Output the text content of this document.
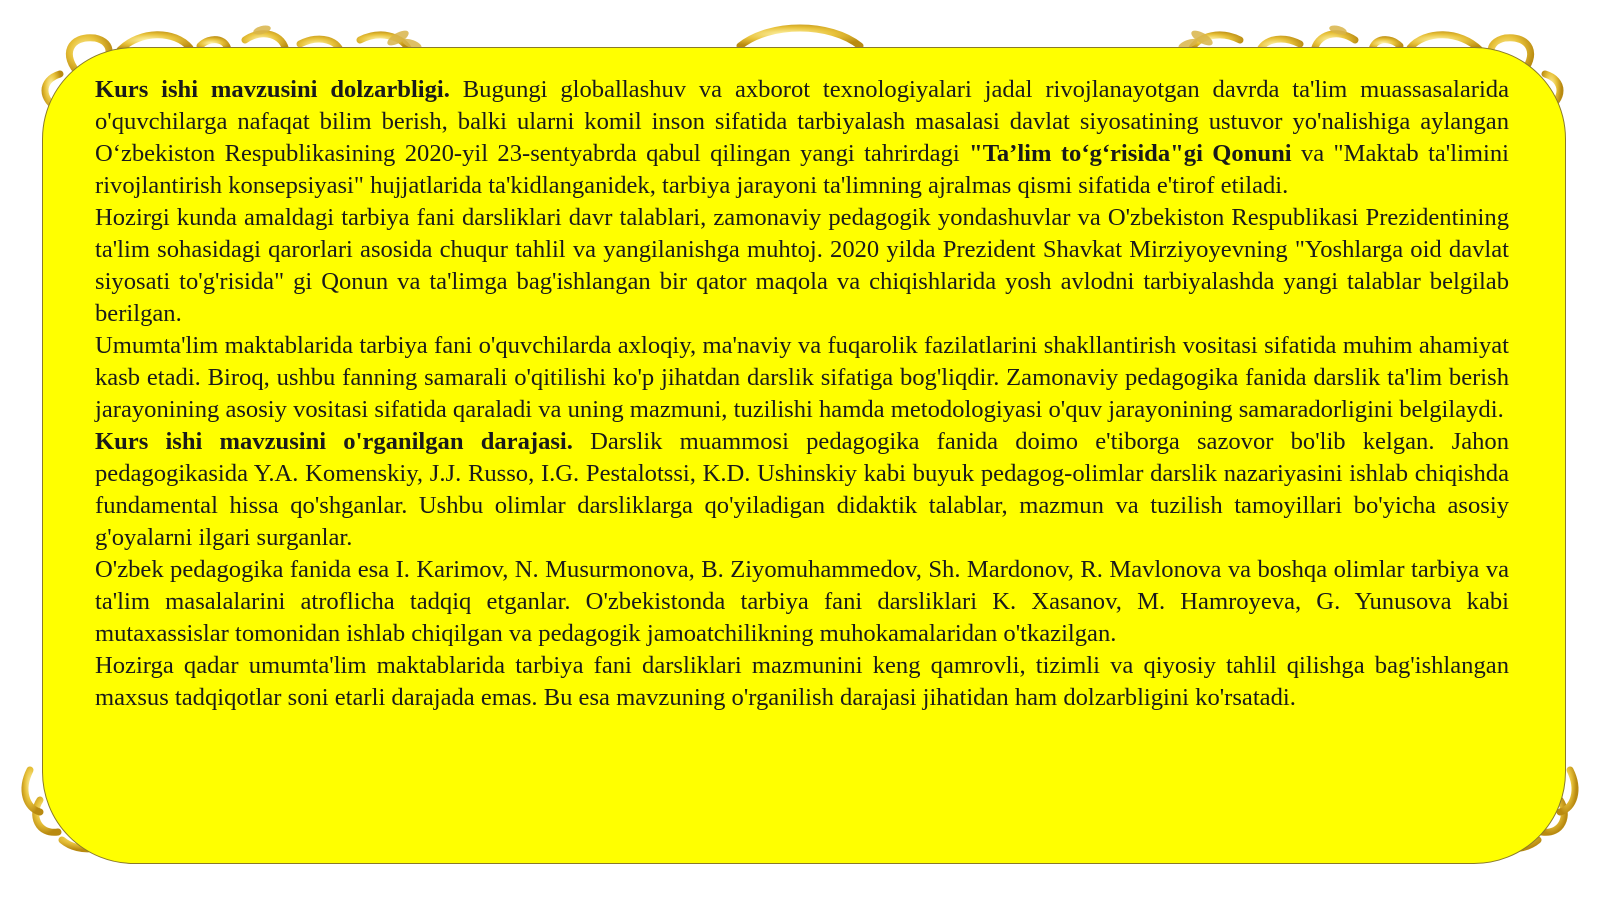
Kurs ishi mavzusini dolzarbligi. Bugungi globallashuv va axborot texnologiyalari jadal rivojlanayotgan davrda ta'lim muassasalarida o'quvchilarga nafaqat bilim berish, balki ularni komil inson sifatida tarbiyalash masalasi davlat siyosatining ustuvor yo'nalishiga aylangan O‘zbekiston Respublikasining 2020-yil 23-sentyabrda qabul qilingan yangi tahrirdagi "Ta’lim to‘g‘risida"gi Qonuni va "Maktab ta'limini rivojlantirish konsepsiyasi" hujjatlarida ta'kidlanganidek, tarbiya jarayoni ta'limning ajralmas qismi sifatida e'tirof etiladi.

Hozirgi kunda amaldagi tarbiya fani darsliklari davr talablari, zamonaviy pedagogik yondashuvlar va O'zbekiston Respublikasi Prezidentining ta'lim sohasidagi qarorlari asosida chuqur tahlil va yangilanishga muhtoj. 2020 yilda Prezident Shavkat Mirziyoyevning "Yoshlarga oid davlat siyosati to'g'risida" gi Qonun va ta'limga bag'ishlangan bir qator maqola va chiqishlarida yosh avlodni tarbiyalashda yangi talablar belgilab berilgan.

Umumta'lim maktablarida tarbiya fani o'quvchilarda axloqiy, ma'naviy va fuqarolik fazilatlarini shakllantirish vositasi sifatida muhim ahamiyat kasb etadi. Biroq, ushbu fanning samarali o'qitilishi ko'p jihatdan darslik sifatiga bog'liqdir. Zamonaviy pedagogika fanida darslik ta'lim berish jarayonining asosiy vositasi sifatida qaraladi va uning mazmuni, tuzilishi hamda metodologiyasi o'quv jarayonining samaradorligini belgilaydi.

Kurs ishi mavzusini o'rganilgan darajasi. Darslik muammosi pedagogika fanida doimo e'tiborga sazovor bo'lib kelgan. Jahon pedagogikasida Y.A. Komenskiy, J.J. Russo, I.G. Pestalotssi, K.D. Ushinskiy kabi buyuk pedagog-olimlar darslik nazariyasini ishlab chiqishda fundamental hissa qo'shganlar. Ushbu olimlar darsliklarga qo'yiladigan didaktik talablar, mazmun va tuzilish tamoyillari bo'yicha asosiy g'oyalarni ilgari surganlar.

O'zbek pedagogika fanida esa I. Karimov, N. Musurmonova, B. Ziyomuhammedov, Sh. Mardonov, R. Mavlonova va boshqa olimlar tarbiya va ta'lim masalalarini atroflicha tadqiq etganlar. O'zbekistonda tarbiya fani darsliklari K. Xasanov, M. Hamroyeva, G. Yunusova kabi mutaxassislar tomonidan ishlab chiqilgan va pedagogik jamoatchilikning muhokamalaridan o'tkazilgan.

Hozirga qadar umumta'lim maktablarida tarbiya fani darsliklari mazmunini keng qamrovli, tizimli va qiyosiy tahlil qilishga bag'ishlangan maxsus tadqiqotlar soni etarli darajada emas. Bu esa mavzuning o'rganilish darajasi jihatidan ham dolzarbligini ko'rsatadi.
